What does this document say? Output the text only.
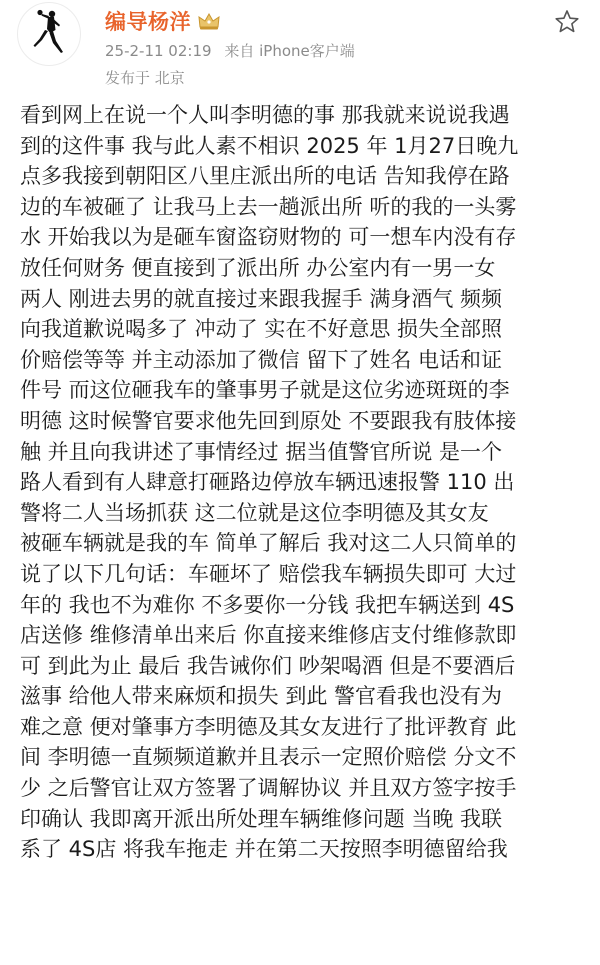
编导杨洋
25-2-11 02:19 来自 iPhone客户端
发布于 北京
看到网上在说一个人叫李明德的事 那我就来说说我遇
到的这件事 我与此人素不相识 2025 年 1月27日晚九
点多我接到朝阳区八里庄派出所的电话 告知我停在路
边的车被砸了 让我马上去一趟派出所 听的我的一头雾
水 开始我以为是砸车窗盗窃财物的 可一想车内没有存
放任何财务 便直接到了派出所 办公室内有一男一女
两人 刚进去男的就直接过来跟我握手 满身酒气 频频
向我道歉说喝多了 冲动了 实在不好意思 损失全部照
价赔偿等等 并主动添加了微信 留下了姓名 电话和证
件号 而这位砸我车的肇事男子就是这位劣迹斑斑的李
明德 这时候警官要求他先回到原处 不要跟我有肢体接
触 并且向我讲述了事情经过 据当值警官所说 是一个
路人看到有人肆意打砸路边停放车辆迅速报警 110 出
警将二人当场抓获 这二位就是这位李明德及其女友
被砸车辆就是我的车 简单了解后 我对这二人只简单的
说了以下几句话：车砸坏了 赔偿我车辆损失即可 大过
年的 我也不为难你 不多要你一分钱 我把车辆送到 4S
店送修 维修清单出来后 你直接来维修店支付维修款即
可 到此为止 最后 我告诫你们 吵架喝酒 但是不要酒后
滋事 给他人带来麻烦和损失 到此 警官看我也没有为
难之意 便对肇事方李明德及其女友进行了批评教育 此
间 李明德一直频频道歉并且表示一定照价赔偿 分文不
少 之后警官让双方签署了调解协议 并且双方签字按手
印确认 我即离开派出所处理车辆维修问题 当晚 我联
系了 4S店 将我车拖走 并在第二天按照李明德留给我
